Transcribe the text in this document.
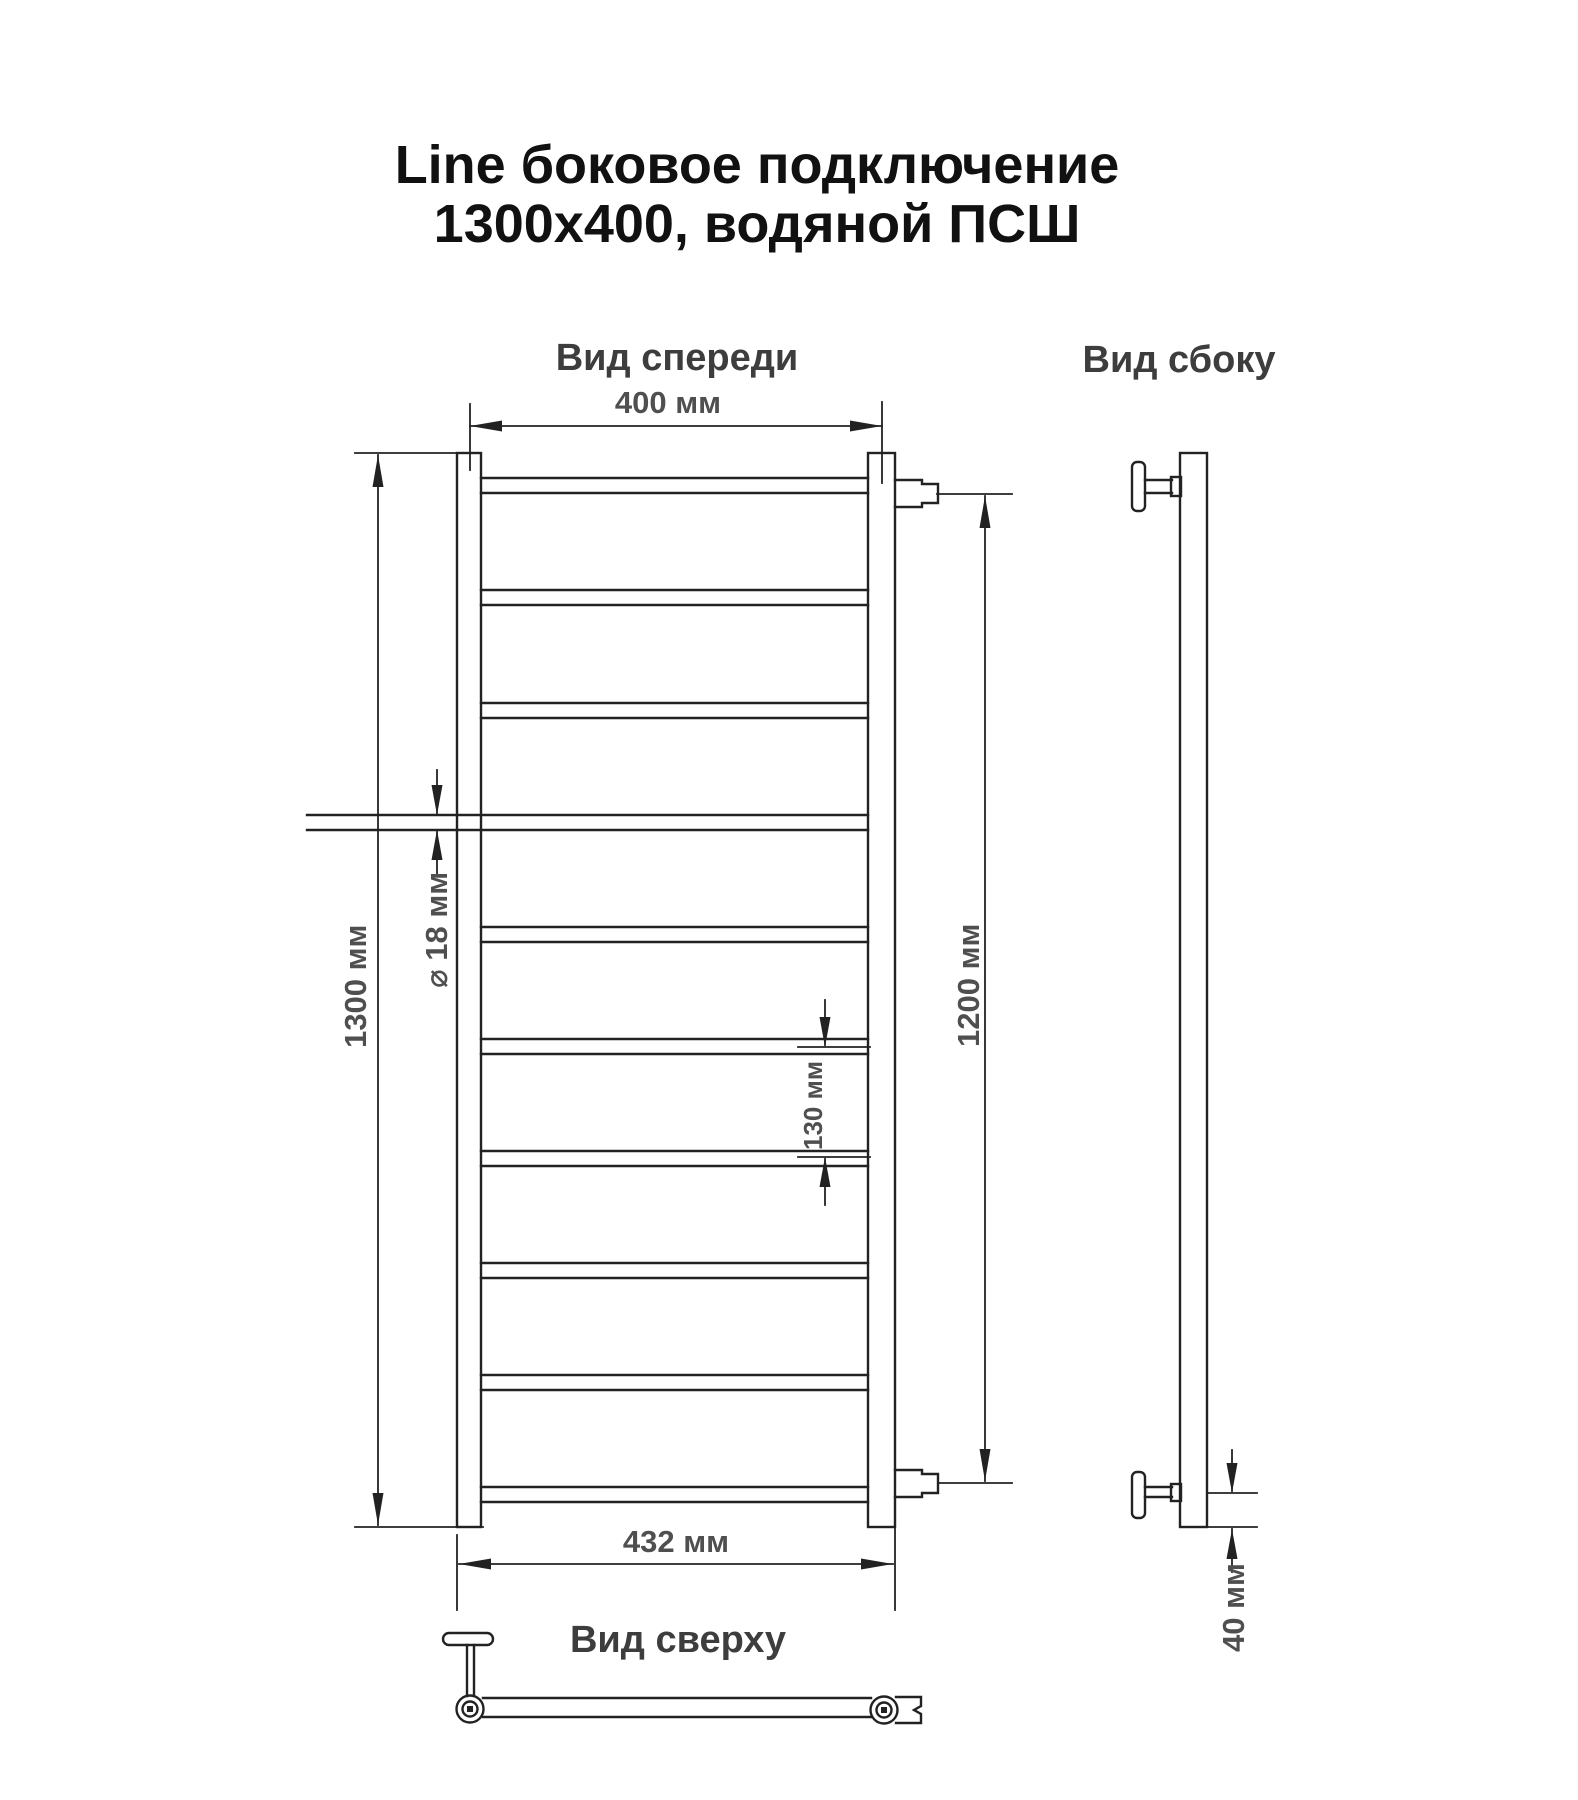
Line боковое подключение
1300x400, водяной ПСШ
Вид спереди	Вид сбоку
Вид сверху
400 мм
1300 мм ⌀ 18 мм
130 мм
1200 мм
432 мм
40 мм
